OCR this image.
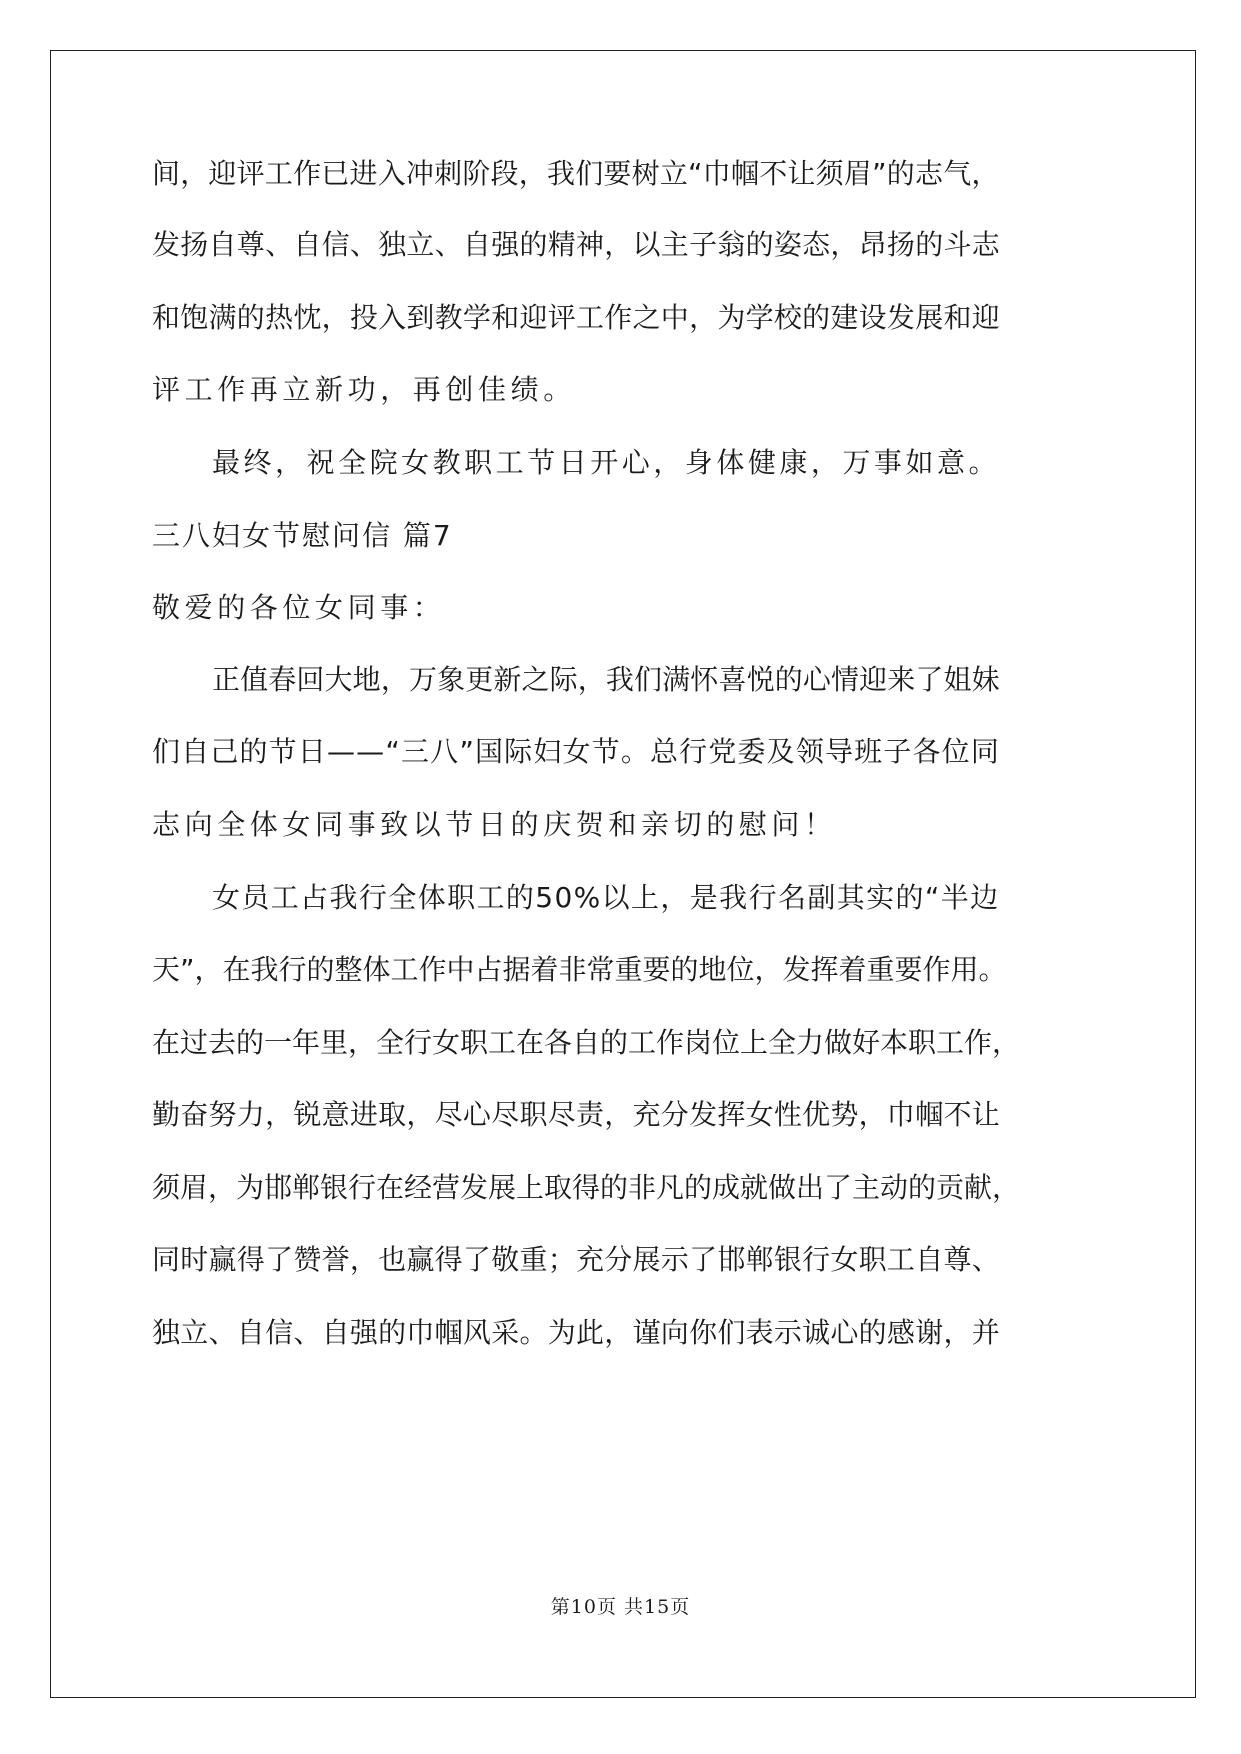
间，迎评工作已进入冲刺阶段，我们要树立“巾帼不让须眉”的志气，

发扬自尊、自信、独立、自强的精神，以主子翁的姿态，昂扬的斗志

和饱满的热忱，投入到教学和迎评工作之中，为学校的建设发展和迎

评工作再立新功，再创佳绩。

最终，祝全院女教职工节日开心，身体健康，万事如意。

三八妇女节慰问信 篇7

敬爱的各位女同事：

正值春回大地，万象更新之际，我们满怀喜悦的心情迎来了姐妹

们自己的节日——“三八”国际妇女节。总行党委及领导班子各位同

志向全体女同事致以节日的庆贺和亲切的慰问！

女员工占我行全体职工的50%以上，是我行名副其实的“半边

天”，在我行的整体工作中占据着非常重要的地位，发挥着重要作用。

在过去的一年里，全行女职工在各自的工作岗位上全力做好本职工作，

勤奋努力，锐意进取，尽心尽职尽责，充分发挥女性优势，巾帼不让

须眉，为邯郸银行在经营发展上取得的非凡的成就做出了主动的贡献，

同时赢得了赞誉，也赢得了敬重；充分展示了邯郸银行女职工自尊、

独立、自信、自强的巾帼风采。为此，谨向你们表示诚心的感谢，并

第10页 共15页
